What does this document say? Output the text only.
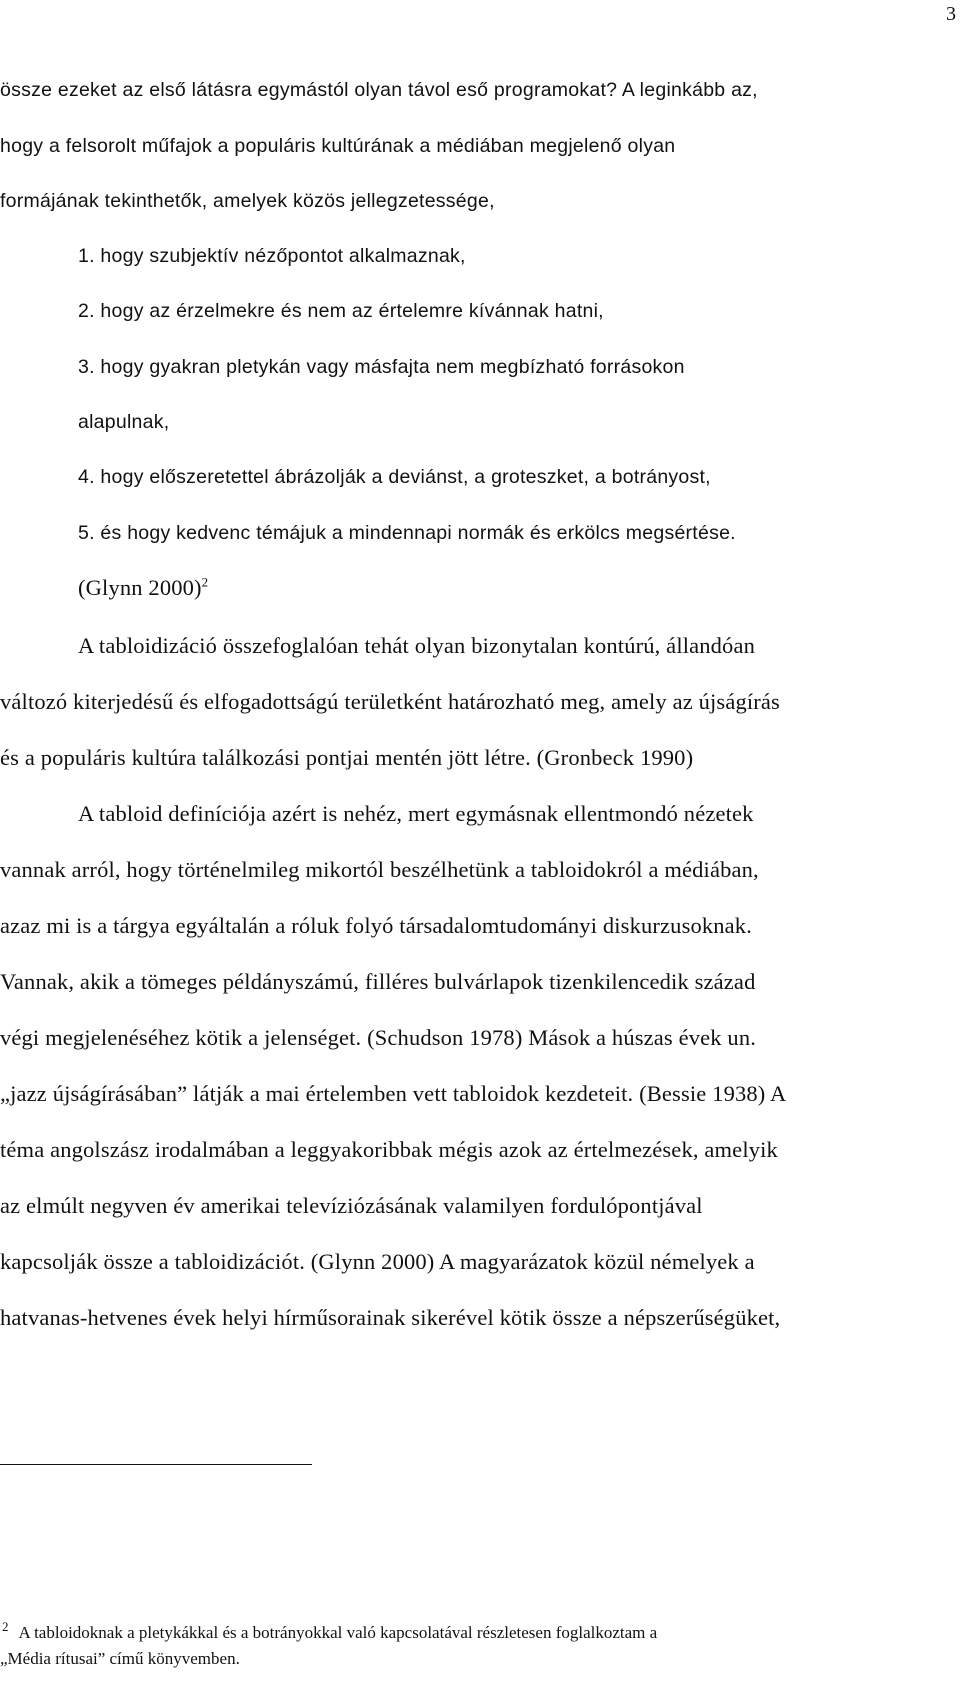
3
össze ezeket az első látásra egymástól olyan távol eső programokat? A leginkább az,
hogy a felsorolt műfajok a populáris kultúrának a médiában megjelenő olyan
formájának tekinthetők, amelyek közös jellegzetessége,
1. hogy szubjektív nézőpontot alkalmaznak,
2. hogy az érzelmekre és nem az értelemre kívánnak hatni,
3. hogy gyakran pletykán vagy másfajta nem megbízható forrásokon
alapulnak,
4. hogy előszeretettel ábrázolják a deviánst, a groteszket, a botrányost,
5. és hogy kedvenc témájuk a mindennapi normák és erkölcs megsértése.
(Glynn 2000)$^2$
A tabloidizáció összefoglalóan tehát olyan bizonytalan kontúrú, állandóan
változó kiterjedésű és elfogadottságú területként határozható meg, amely az újságírás
és a populáris kultúra találkozási pontjai mentén jött létre. (Gronbeck 1990)
A tabloid definíciója azért is nehéz, mert egymásnak ellentmondó nézetek
vannak arról, hogy történelmileg mikortól beszélhetünk a tabloidokról a médiában,
azaz mi is a tárgya egyáltalán a róluk folyó társadalomtudományi diskurzusoknak.
Vannak, akik a tömeges példányszámú, filléres bulvárlapok tizenkilencedik század
végi megjelenéséhez kötik a jelenséget. (Schudson 1978) Mások a húszas évek un.
„jazz újságírásában” látják a mai értelemben vett tabloidok kezdeteit. (Bessie 1938) A
téma angolszász irodalmában a leggyakoribbak mégis azok az értelmezések, amelyik
az elmúlt negyven év amerikai televíziózásának valamilyen fordulópontjával
kapcsolják össze a tabloidizációt. (Glynn 2000) A magyarázatok közül némelyek a
hatvanas-hetvenes évek helyi hírműsorainak sikerével kötik össze a népszerűségüket,
$^2$ A tabloidoknak a pletykákkal és a botrányokkal való kapcsolatával részletesen foglalkoztam a
„Média rítusai” című könyvemben.
